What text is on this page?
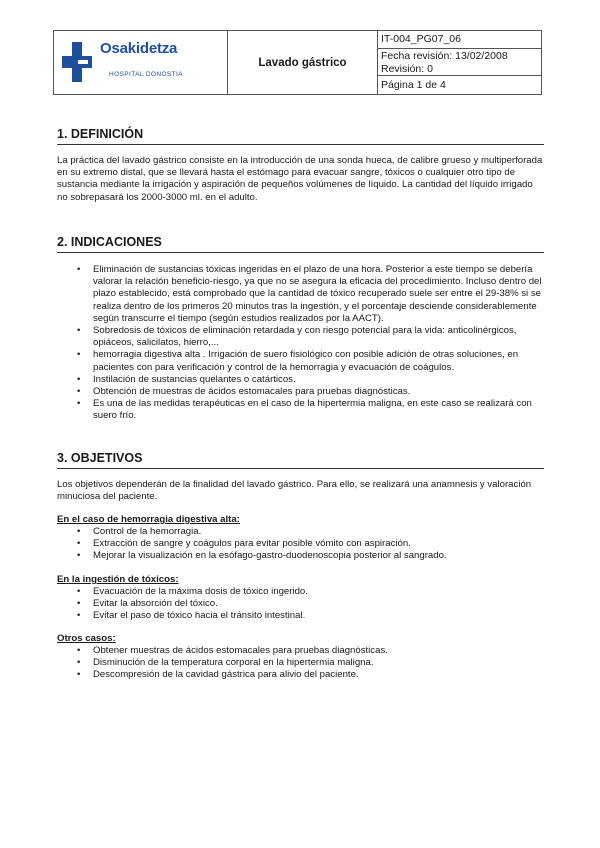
Osakidetza
HOSPITAL DONOSTIA
Lavado gástrico
IT-004_PG07_06
Fecha revisión: 13/02/2008
Revisión: 0
Página 1 de 4
1. DEFINICIÓN

La práctica del lavado gástrico consiste en la introducción de una sonda hueca, de calibre grueso y multiperforada en su extremo distal, que se llevará hasta el estómago para evacuar sangre, tóxicos o cualquier otro tipo de sustancia mediante la irrigación y aspiración de pequeños volúmenes de líquido. La cantidad del líquido irrigado no sobrepasará los 2000-3000 ml. en el adulto.

2. INDICACIONES
• Eliminación de sustancias tóxicas ingeridas en el plazo de una hora. Posterior a este tiempo se debería valorar la relación beneficio-riesgo, ya que no se asegura la eficacia del procedimiento. Incluso dentro del plazo establecido, está comprobado que la cantidad de tóxico recuperado suele ser entre el 29-38% si se realiza dentro de los primeros 20 minutos tras la ingestión, y el porcentaje desciende considerablemente según transcurre el tiempo (según estudios realizados por la AACT).
• Sobredosis de tóxicos de eliminación retardada y con riesgo potencial para la vida: anticolinérgicos, opiáceos, salicilatos, hierro,...
• hemorragia digestiva alta . Irrigación de suero fisiológico con posible adición de otras soluciones, en pacientes con para verificación y control de la hemorragia y evacuación de coágulos.
• Instilación de sustancias quelantes o catárticos.
• Obtención de muestras de ácidos estomacales para pruebas diagnósticas.
• Es una de las medidas terapéuticas en el caso de la hipertermia maligna, en este caso se realizará con suero frío.
3. OBJETIVOS

Los objetivos dependerán de la finalidad del lavado gástrico. Para ello, se realizará una anamnesis y valoración minuciosa del paciente.

En el caso de hemorragia digestiva alta:
• Control de la hemorragia.
• Extracción de sangre y coágulos para evitar posible vómito con aspiración.
• Mejorar la visualización en la esófago-gastro-duodenoscopia posterior al sangrado.
En la ingestión de tóxicos:
• Evacuación de la máxima dosis de tóxico ingerido.
• Evitar la absorción del tóxico.
• Evitar el paso de tóxico hacia el tránsito intestinal.
Otros casos:
• Obtener muestras de ácidos estomacales para pruebas diagnósticas.
• Disminución de la temperatura corporal en la hipertermia maligna.
• Descompresión de la cavidad gástrica para alivio del paciente.
